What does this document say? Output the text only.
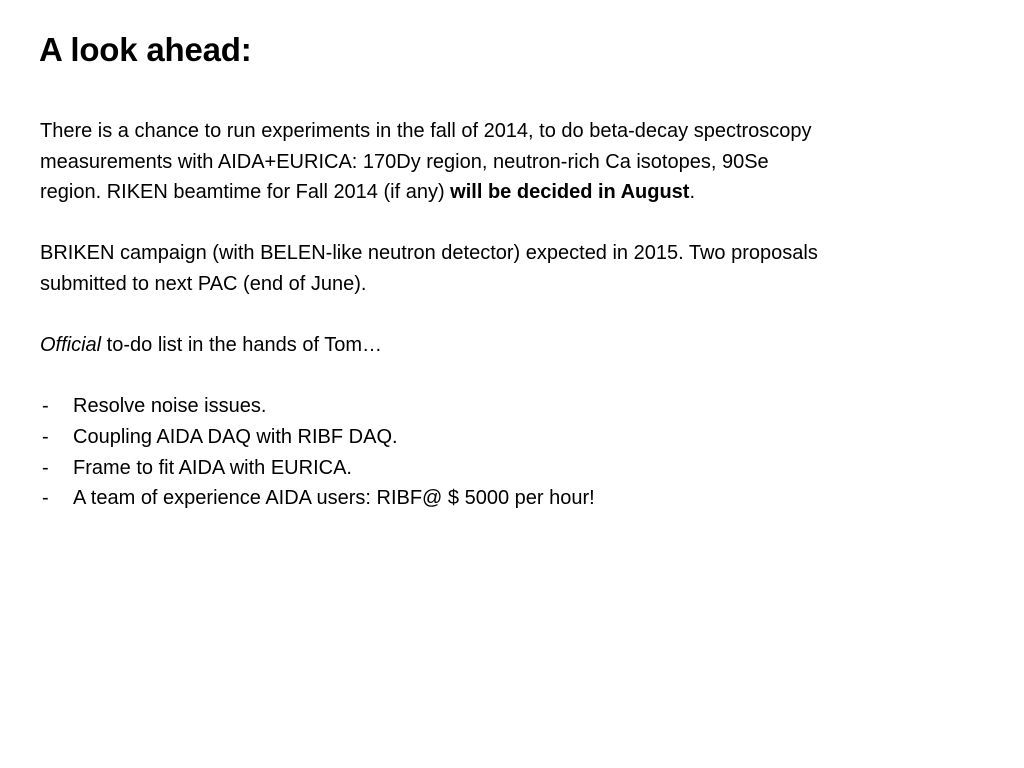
A look ahead:

There is a chance to run experiments in the fall of 2014, to do beta-decay spectroscopy
measurements with AIDA+EURICA: 170Dy region, neutron-rich Ca isotopes, 90Se
region. RIKEN beamtime for Fall 2014 (if any) will be decided in August.

BRIKEN campaign (with BELEN-like neutron detector) expected in 2015. Two proposals
submitted to next PAC (end of June).

Official to-do list in the hands of Tom…

- Resolve noise issues.
- Coupling AIDA DAQ with RIBF DAQ.
- Frame to fit AIDA with EURICA.
- A team of experience AIDA users: RIBF@ $ 5000 per hour!
